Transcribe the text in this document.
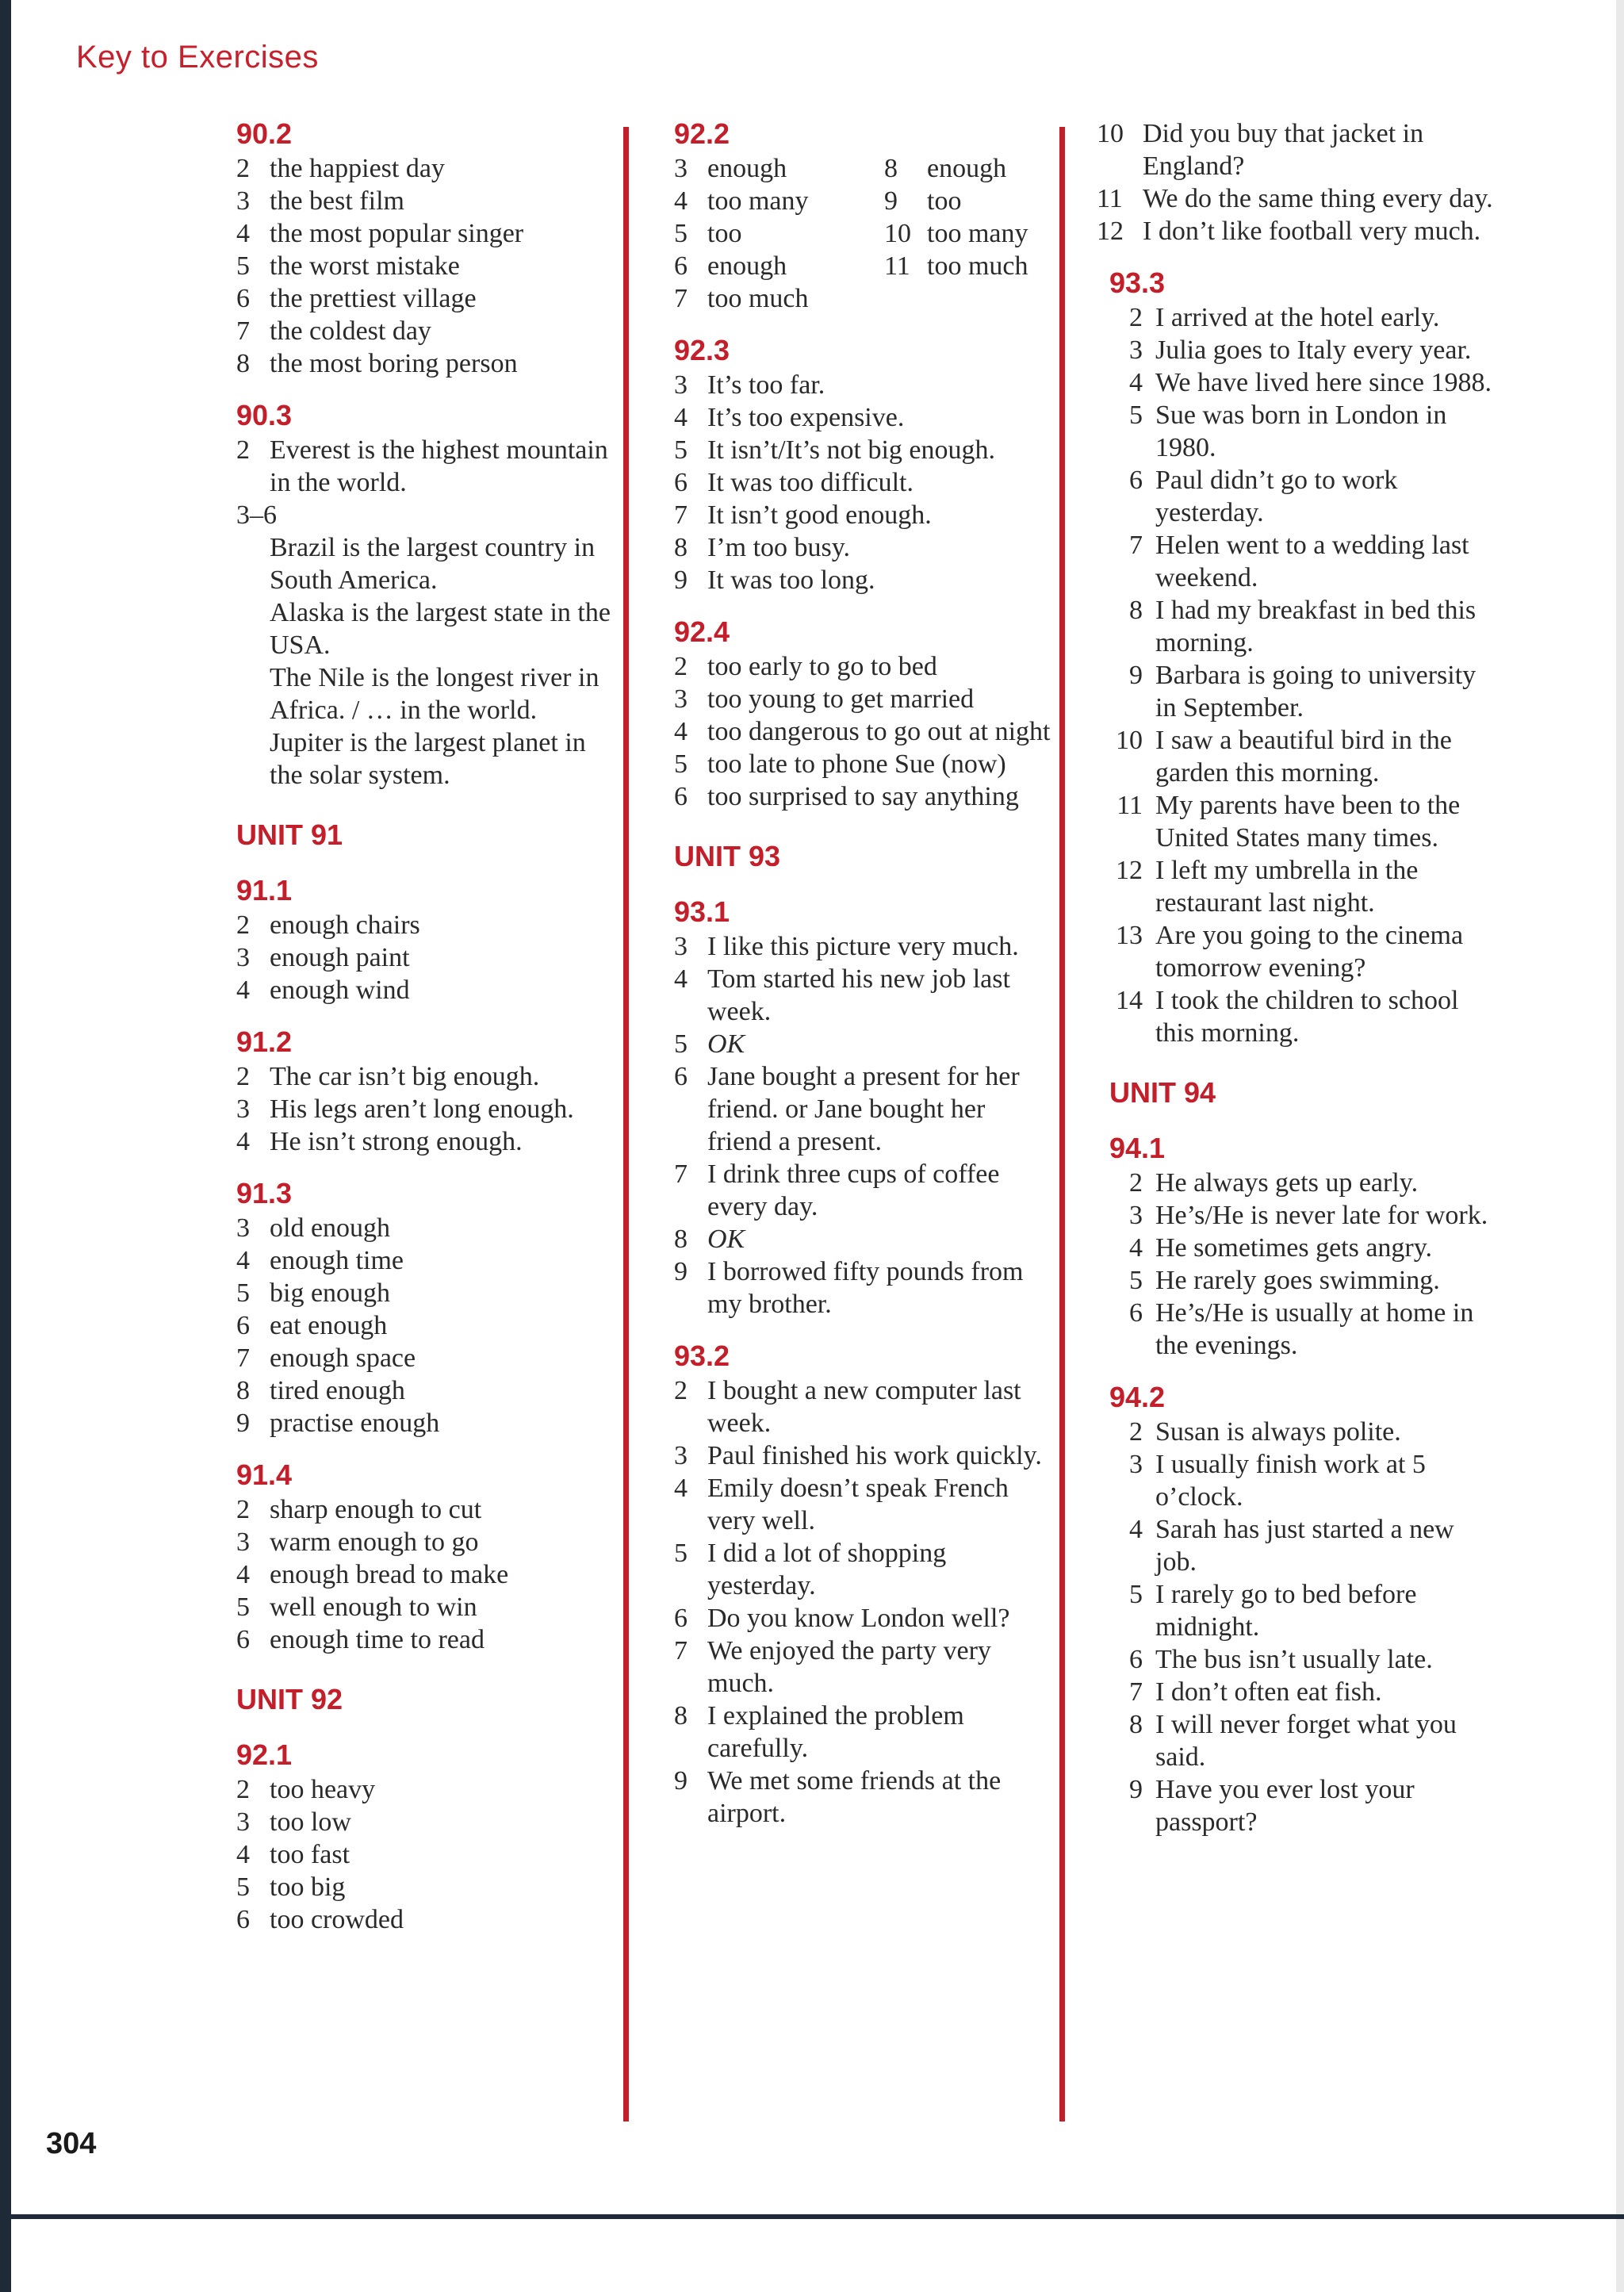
Key to Exercises
90.2
2 the happiest day
3 the best film
4 the most popular singer
5 the worst mistake
6 the prettiest village
7 the coldest day
8 the most boring person
90.3
2 Everest is the highest mountain in the world.
3–6
Brazil is the largest country in South America.
Alaska is the largest state in the USA.
The Nile is the longest river in Africa. / … in the world.
Jupiter is the largest planet in the solar system.
UNIT 91
91.1
2 enough chairs
3 enough paint
4 enough wind
91.2
2 The car isn’t big enough.
3 His legs aren’t long enough.
4 He isn’t strong enough.
91.3
3 old enough
4 enough time
5 big enough
6 eat enough
7 enough space
8 tired enough
9 practise enough
91.4
2 sharp enough to cut
3 warm enough to go
4 enough bread to make
5 well enough to win
6 enough time to read
UNIT 92
92.1
2 too heavy
3 too low
4 too fast
5 too big
6 too crowded
92.2
3 enough
4 too many
5 too
6 enough
7 too much
8	enough
9	too
10 too many
11 too much
92.3
3 It’s too far.
4 It’s too expensive.
5 It isn’t/It’s not big enough.
6 It was too difficult.
7 It isn’t good enough.
8 I’m too busy.
9 It was too long.
92.4
2 too early to go to bed
3 too young to get married
4 too dangerous to go out at night
5 too late to phone Sue (now)
6 too surprised to say anything
UNIT 93
93.1
3 I like this picture very much.
4 Tom started his new job last week.
5 OK
6 Jane bought a present for her friend. or Jane bought her friend a present.
7 I drink three cups of coffee every day.
8 OK
9 I borrowed fifty pounds from my brother.
93.2
2 I bought a new computer last week.
3 Paul finished his work quickly.
4 Emily doesn’t speak French very well.
5 I did a lot of shopping yesterday.
6 Do you know London well?
7 We enjoyed the party very much.
8 I explained the problem carefully.
9 We met some friends at the airport.
10 Did you buy that jacket in England?
11 We do the same thing every day.
12 I don’t like football very much.
93.3
2 I arrived at the hotel early.
3 Julia goes to Italy every year.
4 We have lived here since 1988.
5 Sue was born in London in 1980.
6 Paul didn’t go to work yesterday.
7 Helen went to a wedding last weekend.
8 I had my breakfast in bed this morning.
9 Barbara is going to university in September.
10 I saw a beautiful bird in the garden this morning.
11 My parents have been to the United States many times.
12 I left my umbrella in the restaurant last night.
13 Are you going to the cinema tomorrow evening?
14 I took the children to school this morning.
UNIT 94
94.1
2 He always gets up early.
3 He’s/He is never late for work.
4 He sometimes gets angry.
5 He rarely goes swimming.
6 He’s/He is usually at home in the evenings.
94.2
2 Susan is always polite.
3 I usually finish work at 5 o’clock.
4 Sarah has just started a new job.
5 I rarely go to bed before midnight.
6 The bus isn’t usually late.
7 I don’t often eat fish.
8 I will never forget what you said.
9 Have you ever lost your passport?
304
